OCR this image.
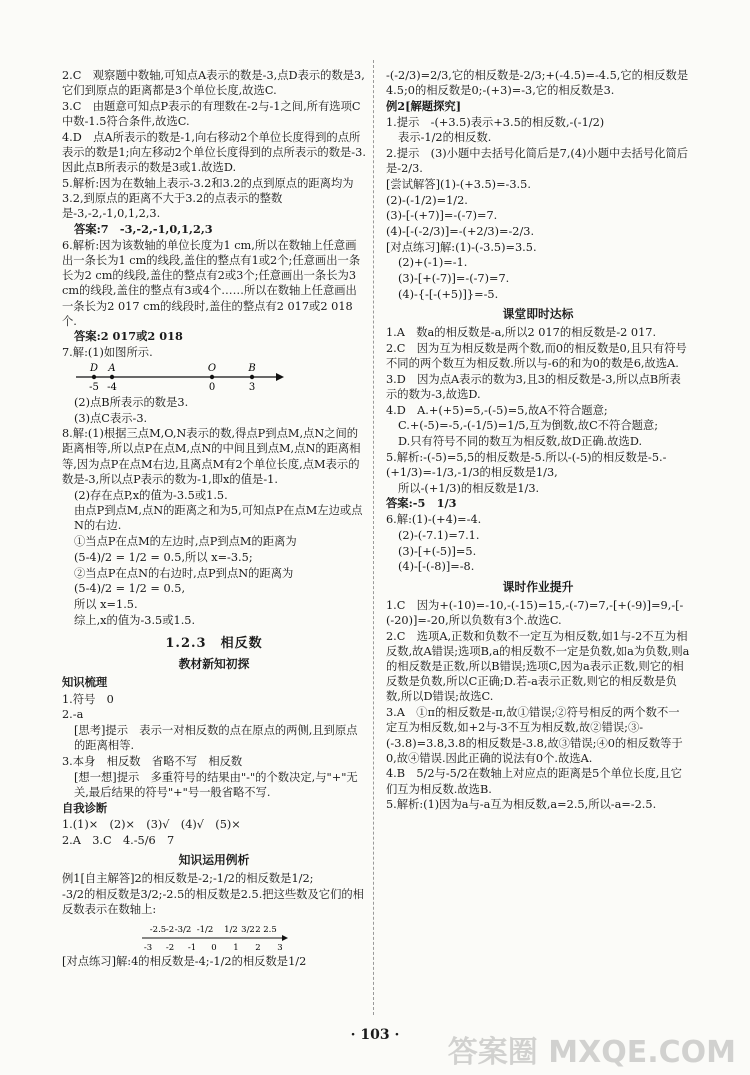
2.C　观察题中数轴,可知点A表示的数是-3,点D表示的数是3,它们到原点的距离都是3个单位长度,故选C.

3.C　由题意可知点P表示的有理数在-2与-1之间,所有选项C中数-1.5符合条件,故选C.

4.D　点A所表示的数是-1,向右移动2个单位长度得到的点所表示的数是1;向左移动2个单位长度得到的点所表示的数是-3.因此点B所表示的数是3或1.故选D.

5.解析:因为在数轴上表示-3.2和3.2的点到原点的距离均为3.2,到原点的距离不大于3.2的点表示的整数是-3,-2,-1,0,1,2,3.

答案:7　-3,-2,-1,0,1,2,3

6.解析:因为该数轴的单位长度为1 cm,所以在数轴上任意画出一条长为1 cm的线段,盖住的整点有1或2个;任意画出一条长为2 cm的线段,盖住的整点有2或3个;任意画出一条长为3 cm的线段,盖住的整点有3或4个……所以在数轴上任意画出一条长为2 017 cm的线段时,盖住的整点有2 017或2 018个.

答案:2 017或2 018

7.解:(1)如图所示.

D A	O	B
-5 -4	0	3

(2)点B所表示的数是3.

(3)点C表示-3.

8.解:(1)根据三点M,O,N表示的数,得点P到点M,点N之间的距离相等,所以点P在点M,点N的中间且到点M,点N的距离相等,因为点P在点M右边,且离点M有2个单位长度,点M表示的数是-3,所以点P表示的数为-1,即x的值是-1.

(2)存在点P,x的值为-3.5或1.5.

由点P到点M,点N的距离之和为5,可知点P在点M左边或点N的右边.

①当点P在点M的左边时,点P到点M的距离为

(5-4)/2 = 1/2 = 0.5,所以 x=-3.5;

②当点P在点N的右边时,点P到点N的距离为

(5-4)/2 = 1/2 = 0.5,

所以 x=1.5.

综上,x的值为-3.5或1.5.

1.2.3　相反数
教材新知初探
知识梳理

1.符号　0

2.-a

[思考]提示　表示一对相反数的点在原点的两侧,且到原点的距离相等.

3.本身　相反数　省略不写　相反数

[想一想]提示　多重符号的结果由"-"的个数决定,与"+"无关,最后结果的符号"+"号一般省略不写.

自我诊断

1.(1)×　(2)×　(3)√　(4)√　(5)×

2.A　3.C　4.-5/6　7

知识运用例析

例1[自主解答]2的相反数是-2;-1/2的相反数是1/2;

-3/2的相反数是3/2;-2.5的相反数是2.5.把这些数及它们的相反数表示在数轴上:

-2.5 -2 -3/2 -1/2 1/2 3/2 2 2.5
-3 -2 -1 0 1 2 3

[对点练习]解:4的相反数是-4;-1/2的相反数是1/2

-(-2/3)=2/3,它的相反数是-2/3;+(-4.5)=-4.5,它的相反数是4.5;0的相反数是0;-(+3)=-3,它的相反数是3.

例2[解题探究]

1.提示　-(+3.5)表示+3.5的相反数,-(-1/2)

表示-1/2的相反数.

2.提示　(3)小题中去括号化简后是7,(4)小题中去括号化简后是-2/3.

[尝试解答](1)-(+3.5)=-3.5.

(2)-(-1/2)=1/2.

(3)-[-(+7)]=-(-7)=7.

(4)-[-(-2/3)]=-(+2/3)=-2/3.

[对点练习]解:(1)-(-3.5)=3.5.

(2)+(-1)=-1.

(3)-[+(-7)]=-(-7)=7.

(4)-{-[-(+5)]}=-5.

课堂即时达标

1.A　数a的相反数是-a,所以2 017的相反数是-2 017.

2.C　因为互为相反数是两个数,而0的相反数是0,且只有符号不同的两个数互为相反数.所以与-6的和为0的数是6,故选A.

3.D　因为点A表示的数为3,且3的相反数是-3,所以点B所表示的数为-3,故选D.

4.D　A.+(+5)=5,-(-5)=5,故A不符合题意;

C.+(-5)=-5,-(-1/5)=1/5,互为倒数,故C不符合题意;

D.只有符号不同的数互为相反数,故D正确.故选D.

5.解析:-(-5)=5,5的相反数是-5.所以-(-5)的相反数是-5.-(+1/3)=-1/3,-1/3的相反数是1/3,

所以-(+1/3)的相反数是1/3.

答案:-5　1/3

6.解:(1)-(+4)=-4.

(2)-(-7.1)=7.1.

(3)-[+(-5)]=5.

(4)-[-(-8)]=-8.

课时作业提升

1.C　因为+(-10)=-10,-(-15)=15,-(-7)=7,-[+(-9)]=9,-[-(-20)]=-20,所以负数有3个.故选C.

2.C　选项A,正数和负数不一定互为相反数,如1与-2不互为相反数,故A错误;选项B,a的相反数不一定是负数,如a为负数,则a的相反数是正数,所以B错误;选项C,因为a表示正数,则它的相反数是负数,所以C正确;D.若-a表示正数,则它的相反数是负数,所以D错误;故选C.

3.A　①π的相反数是-π,故①错误;②符号相反的两个数不一定互为相反数,如+2与-3不互为相反数,故②错误;③-(-3.8)=3.8,3.8的相反数是-3.8,故③错误;④0的相反数等于0,故④错误.因此正确的说法有0个.故选A.

4.B　5/2与-5/2在数轴上对应点的距离是5个单位长度,且它们互为相反数.故选B.

5.解析:(1)因为a与-a互为相反数,a=2.5,所以-a=-2.5.

· 103 ·	答案圈 MXQE.COM
